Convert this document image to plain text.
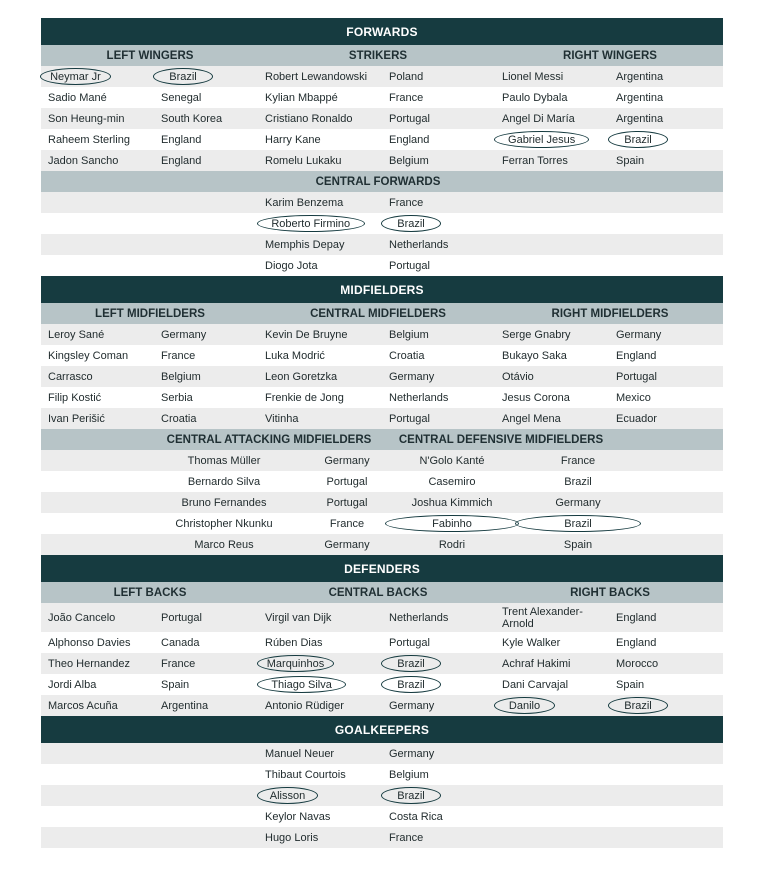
FORWARDS
LEFT WINGERS	STRIKERS	RIGHT WINGERS
Neymar Jr	Brazil	Robert Lewandowski Poland	Lionel Messi	Argentina
Sadio Mané	Senegal	Kylian Mbappé	France	Paulo Dybala	Argentina
Son Heung-min	South Korea	Cristiano Ronaldo	Portugal	Angel Di María	Argentina
Raheem Sterling	England	Harry Kane	England	Gabriel Jesus	Brazil
Jadon Sancho	England	Romelu Lukaku	Belgium	Ferran Torres	Spain
CENTRAL FORWARDS
Karim Benzema	France
Roberto Firmino	Brazil
Memphis Depay	Netherlands
Diogo Jota	Portugal
MIDFIELDERS
LEFT MIDFIELDERS	CENTRAL MIDFIELDERS	RIGHT MIDFIELDERS
Leroy Sané	Germany	Kevin De Bruyne	Belgium	Serge Gnabry	Germany
Kingsley Coman	France	Luka Modrić	Croatia	Bukayo Saka	England
Carrasco	Belgium	Leon Goretzka	Germany	Otávio	Portugal
Filip Kostić	Serbia	Frenkie de Jong	Netherlands	Jesus Corona	Mexico
Ivan Perišić	Croatia	Vitinha	Portugal	Angel Mena	Ecuador
CENTRAL ATTACKING MIDFIELDERS	CENTRAL DEFENSIVE MIDFIELDERS
Thomas Müller	Germany	N'Golo Kanté	France
Bernardo Silva	Portugal	Casemiro	Brazil
Bruno Fernandes	Portugal	Joshua Kimmich	Germany
Christopher Nkunku	France	Fabinho	Brazil
Marco Reus	Germany	Rodri	Spain
DEFENDERS
LEFT BACKS	CENTRAL BACKS	RIGHT BACKS
João Cancelo	Portugal	Virgil van Dijk	Netherlands	Trent Alexander-Arnold	England
Alphonso Davies	Canada	Rúben Dias	Portugal	Kyle Walker	England
Theo Hernandez	France	Marquinhos	Brazil	Achraf Hakimi	Morocco
Jordi Alba	Spain	Thiago Silva	Brazil	Dani Carvajal	Spain
Marcos Acuña	Argentina	Antonio Rüdiger	Germany	Danilo	Brazil
GOALKEEPERS
Manuel Neuer	Germany
Thibaut Courtois	Belgium
Alisson	Brazil
Keylor Navas	Costa Rica
Hugo Loris	France
